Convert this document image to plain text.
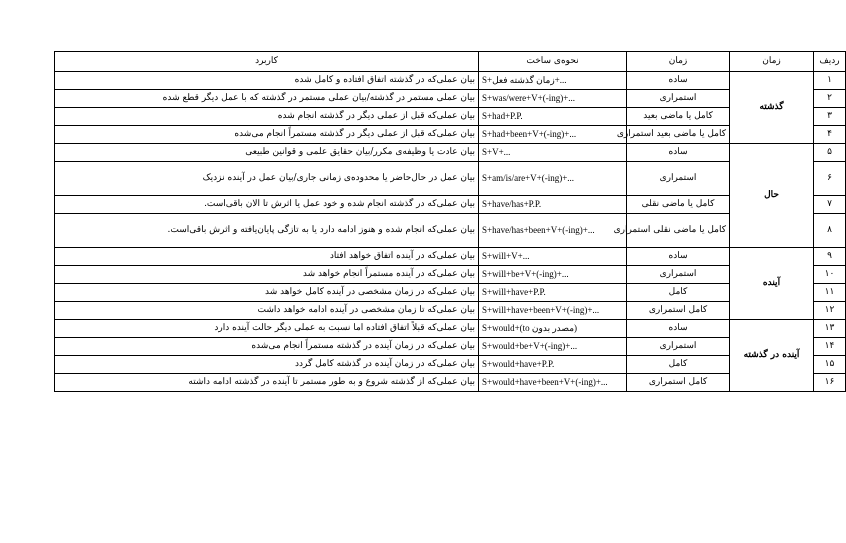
کاربرد	نحوه‌ی ساخت	زمان	زمان	ردیف
بیان عملی‌که در گذشته اتفاق افتاده و کامل شده	S+زمان گذشته فعل+...	ساده	گذشته	۱
بیان عملی مستمر در گذشته/بیان عملی مستمر در گذشته که با عمل دیگر قطع شده	S+was/were+V+(-ing)+...	استمراری		۲
بیان عملی‌که قبل از عملی دیگر در گذشته انجام شده	S+had+P.P.	کامل یا ماضی بعید		۳
بیان عملی‌که قبل از عملی دیگر در گذشته مستمراً انجام می‌شده	S+had+been+V+(-ing)+...	کامل یا ماضی بعید استمراری		۴
بیان عادت یا وظیفه‌ی مکرر/بیان حقایق علمی و قوانین طبیعی	S+V+...	ساده	حال	۵
بیان عمل در حال‌حاضر یا محدوده‌ی زمانی جاری/بیان عمل در آینده نزدیک	S+am/is/are+V+(-ing)+...	استمراری		۶
بیان عملی‌که در گذشته انجام شده و خود عمل یا اثرش تا الان باقی‌است.	S+have/has+P.P.	کامل یا ماضی نقلی		۷
بیان عملی‌که انجام شده و هنوز ادامه دارد یا به تازگی پایان‌یافته و اثرش باقی‌است.	S+have/has+been+V+(-ing)+...	کامل یا ماضی نقلی استمراری		۸
بیان عملی‌که در آینده اتفاق خواهد افتاد	S+will+V+...	ساده	آینده	۹
بیان عملی‌که در آینده مستمراً انجام خواهد شد	S+will+be+V+(-ing)+...	استمراری		۱۰
بیان عملی‌که در زمان مشخصی در آینده کامل خواهد شد	S+will+have+P.P.	کامل		۱۱
بیان عملی‌که تا زمان مشخصی در آینده ادامه خواهد داشت	S+will+have+been+V+(-ing)+...	کامل استمراری		۱۲
بیان عملی‌که قبلاً اتفاق افتاده اما نسبت به عملی دیگر حالت آینده دارد	S+would+(to مصدر بدون)	ساده	آینده در گذشته	۱۳
بیان عملی‌که در زمان آینده در گذشته مستمراً انجام می‌شده	S+would+be+V+(-ing)+...	استمراری		۱۴
بیان عملی‌که در زمان آینده در گذشته کامل گردد	S+would+have+P.P.	کامل		۱۵
بیان عملی‌که از گذشته شروع و به طور مستمر تا آینده در گذشته ادامه داشته	S+would+have+been+V+(-ing)+...	کامل استمراری		۱۶
